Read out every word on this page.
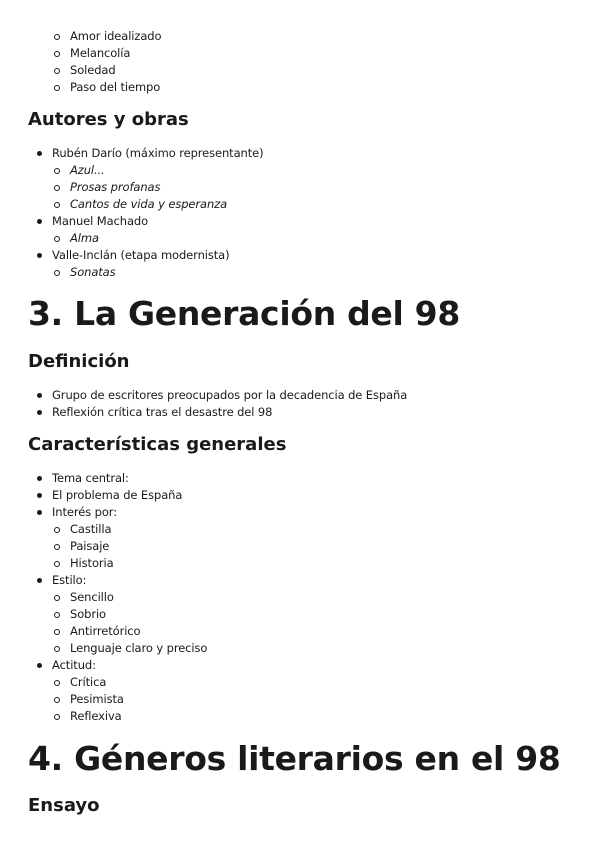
Amor idealizado
Melancolía
Soledad
Paso del tiempo
Autores y obras
Rubén Darío (máximo representante)
Azul...
Prosas profanas
Cantos de vida y esperanza
Manuel Machado
Alma
Valle-Inclán (etapa modernista)
Sonatas
3. La Generación del 98
Definición
Grupo de escritores preocupados por la decadencia de España
Reflexión crítica tras el desastre del 98
Características generales
Tema central:
El problema de España
Interés por:
Castilla
Paisaje
Historia
Estilo:
Sencillo
Sobrio
Antirretórico
Lenguaje claro y preciso
Actitud:
Crítica
Pesimista
Reflexiva
4. Géneros literarios en el 98
Ensayo
